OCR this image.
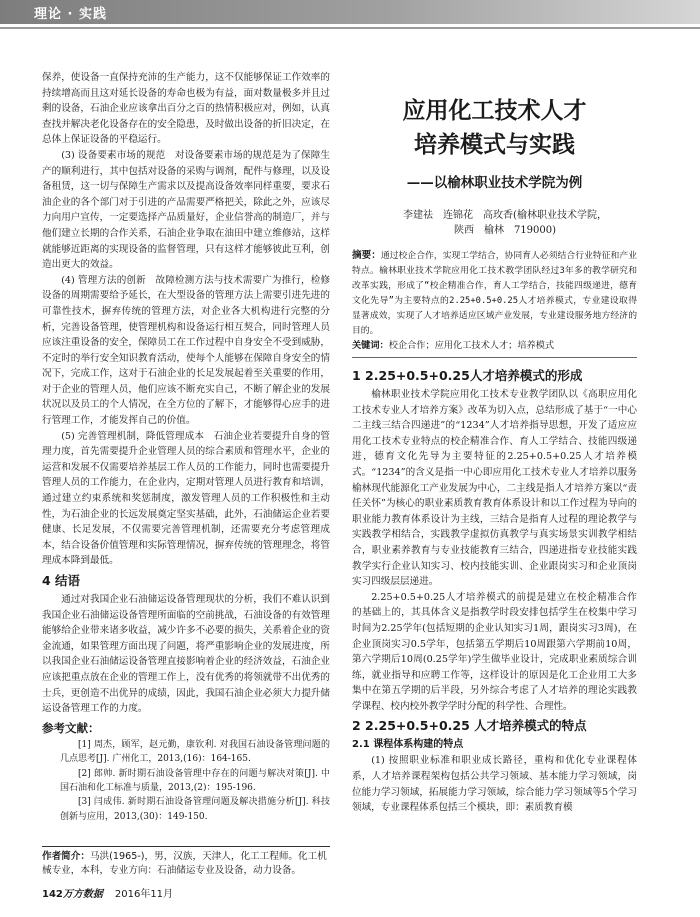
理论 · 实践

保养，使设备一直保持充沛的生产能力，这不仅能够保证工作效率的持续增高而且这对延长设备的寿命也极为有益，面对数量极多并且过剩的设备，石油企业应该拿出百分之百的热情积极应对，例如，认真查找并解决老化设备存在的安全隐患，及时做出设备的折旧决定，在总体上保证设备的平稳运行。

(3) 设备要素市场的规范　对设备要素市场的规范是为了保障生产的顺利进行，其中包括对设备的采购与调剂，配件与修理，以及设备租赁，这一切与保障生产需求以及提高设备效率同样重要，要求石油企业的各个部门对于引进的产品需要严格把关，除此之外，应该尽力向用户宣传，一定要选择产品质量好，企业信誉高的制造厂，并与他们建立长期的合作关系，石油企业争取在油田中建立维修站，这样就能够近距离的实现设备的监督管理，只有这样才能够彼此互利，创造出更大的效益。

(4) 管理方法的创新　故障检测方法与技术需要广为推行，检修设备的周期需要给予延长，在大型设备的管理方法上需要引进先进的可靠性技术，摒弃传统的管理方法，对企业各大机构进行完整的分析，完善设备管理，使管理机构和设备运行相互契合，同时管理人员应该注重设备的安全，保障员工在工作过程中自身安全不受到威胁，不定时的举行安全知识教育活动，使每个人能够在保障自身安全的情况下，完成工作，这对于石油企业的长足发展起着至关重要的作用，对于企业的管理人员，他们应该不断充实自己，不断了解企业的发展状况以及员工的个人情况，在全方位的了解下，才能够得心应手的进行管理工作，才能发挥自己的价值。

(5) 完善管理机制，降低管理成本　石油企业若要提升自身的管理力度，首先需要提升企业管理人员的综合素质和管理水平，企业的运营和发展不仅需要培养基层工作人员的工作能力，同时也需要提升管理人员的工作能力，在企业内，定期对管理人员进行教育和培训，通过建立约束系统和奖惩制度，激发管理人员的工作积极性和主动性，为石油企业的长远发展奠定坚实基础，此外，石油储运企业若要健康、长足发展，不仅需要完善管理机制，还需要充分考虑管理成本，结合设备价值管理和实际管理情况，摒弃传统的管理理念，将管理成本降到最低。

4 结语

通过对我国企业石油储运设备管理现状的分析，我们不难认识到我国企业石油储运设备管理所面临的空前挑战，石油设备的有效管理能够给企业带来诸多收益，减少许多不必要的损失，关系着企业的资金流通，如果管理方面出现了问题，将严重影响企业的发展进度，所以我国企业石油储运设备管理直接影响着企业的经济效益，石油企业应该把重点放在企业的管理工作上，没有优秀的将领就带不出优秀的士兵，更创造不出优异的成绩，因此，我国石油企业必须大力提升储运设备管理工作的力度。

参考文献：

[1] 周杰，顾军，赵元勤，康钦利. 对我国石油设备管理问题的几点思考[J]. 广州化工，2013,(16)：164-165.

[2] 郎帅. 新时期石油设备管理中存在的问题与解决对策[J]. 中国石油和化工标准与质量，2013,(2)：195-196.

[3] 闫成伟. 新时期石油设备管理问题及解决措施分析[J]. 科技创新与应用，2013,(30)：149-150.

作者简介：马洪(1965-)，男，汉族，天津人，化工工程师。化工机械专业，本科，专业方向：石油储运专业及设备，动力设备。
应用化工技术人才
培养模式与实践
——以榆林职业技术学院为例
李建祛　连锦花　高玫香(榆林职业技术学院，
陕西　榆林　719000)
摘要：通过校企合作，实现工学结合，协同育人必须结合行业特征和产业特点。榆林职业技术学院应用化工技术教学团队经过3年多的教学研究和改革实践，形成了“校企精准合作，育人工学结合，技能四级递进，德育文化先导”为主要特点的2.25+0.5+0.25人才培养模式，专业建设取得显著成效，实现了人才培养适应区域产业发展，专业建设服务地方经济的目的。
关键词：校企合作；应用化工技术人才；培养模式
1 2.25+0.5+0.25人才培养模式的形成

榆林职业技术学院应用化工技术专业教学团队以《高职应用化工技术专业人才培养方案》改革为切入点，总结形成了基于“一中心二主线三结合四递进”的“1234”人才培养指导思想，开发了适应应用化工技术专业特点的校企精准合作、育人工学结合、技能四级递进，德育文化先导为主要特征的2.25+0.5+0.25人才培养模式。“1234”的含义是指一中心即应用化工技术专业人才培养以服务榆林现代能源化工产业发展为中心，二主线是指人才培养方案以“责任关怀”为核心的职业素质教育教育体系设计和以工作过程为导向的职业能力教育体系设计为主线，三结合是指育人过程的理论教学与实践教学相结合，实践教学虚拟仿真教学与真实场景实训教学相结合，职业素养教育与专业技能教育三结合，四递进指专业技能实践教学实行企业认知实习、校内技能实训、企业跟岗实习和企业顶岗实习四级层层递进。

2.25+0.5+0.25人才培养模式的前提是建立在校企精准合作的基础上的，其具体含义是指教学时段安排包括学生在校集中学习时间为2.25学年(包括短期的企业认知实习1周，跟岗实习3周)，在企业顶岗实习0.5学年，包括第五学期后10周跟第六学期前10周，第六学期后10周(0.25学年)学生做毕业设计，完成职业素质综合训练，就业指导和应聘工作等，这样设计的原因是化工企业用工大多集中在第五学期的后半段，另外综合考虑了人才培养的理论实践教学课程、校内校外教学学时分配的科学性、合理性。

2 2.25+0.5+0.25 人才培养模式的特点
2.1 课程体系构建的特点

(1) 按照职业标准和职业成长路径，重构和优化专业课程体系，人才培养课程架构包括公共学习领域、基本能力学习领域，岗位能力学习领域，拓展能力学习领域，综合能力学习领域等5个学习领域，专业课程体系包括三个模块，即：素质教育模

142万方数据 2016年11月
